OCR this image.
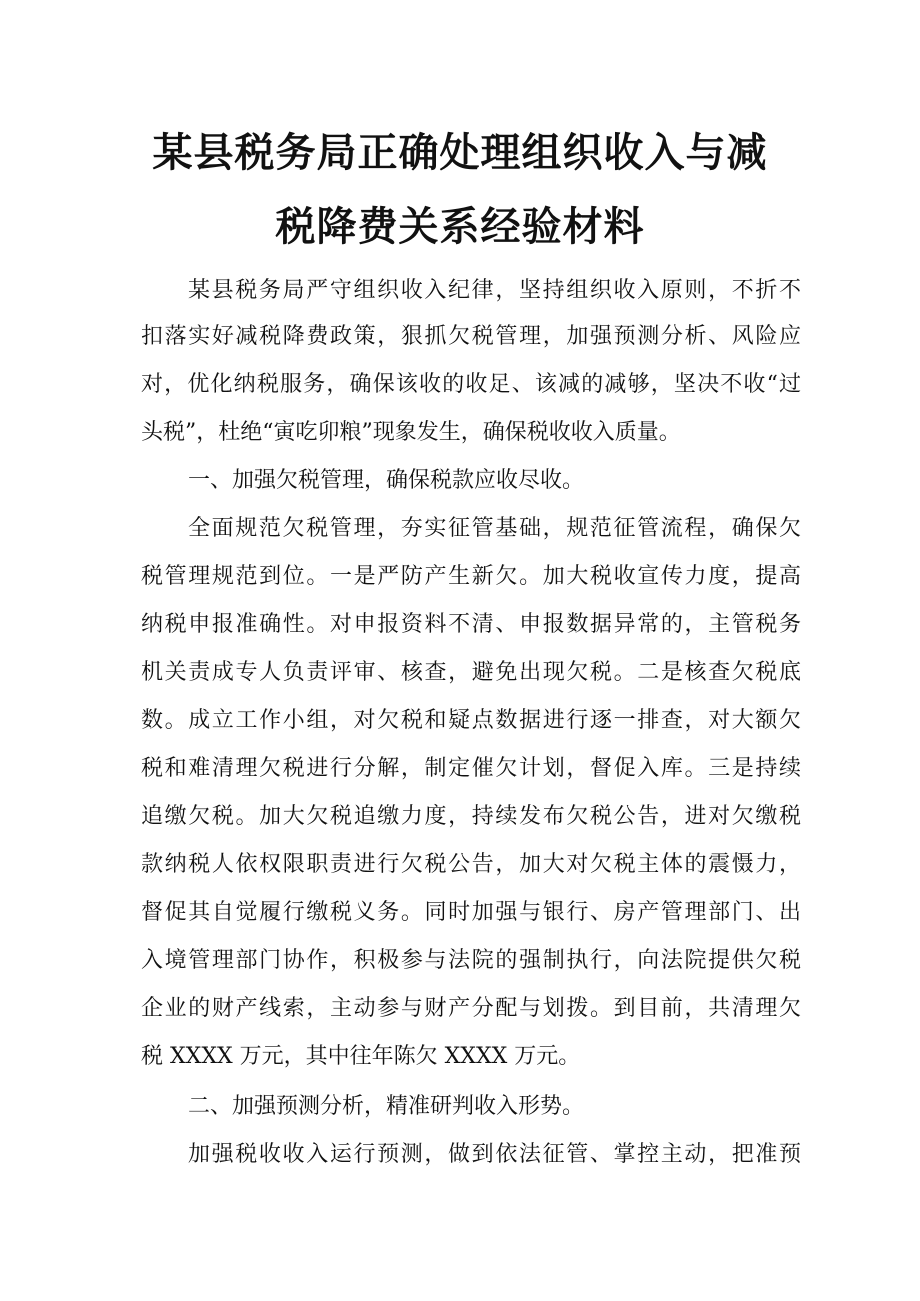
某县税务局正确处理组织收入与减
税降费关系经验材料
某县税务局严守组织收入纪律，坚持组织收入原则，不折不
扣落实好减税降费政策，狠抓欠税管理，加强预测分析、风险应
对，优化纳税服务，确保该收的收足、该减的减够，坚决不收“过
头税”，杜绝“寅吃卯粮”现象发生，确保税收收入质量。
一、加强欠税管理，确保税款应收尽收。
全面规范欠税管理，夯实征管基础，规范征管流程，确保欠
税管理规范到位。一是严防产生新欠。加大税收宣传力度，提高
纳税申报准确性。对申报资料不清、申报数据异常的，主管税务
机关责成专人负责评审、核查，避免出现欠税。二是核查欠税底
数。成立工作小组，对欠税和疑点数据进行逐一排查，对大额欠
税和难清理欠税进行分解，制定催欠计划，督促入库。三是持续
追缴欠税。加大欠税追缴力度，持续发布欠税公告，进对欠缴税
款纳税人依权限职责进行欠税公告，加大对欠税主体的震慑力，
督促其自觉履行缴税义务。同时加强与银行、房产管理部门、出
入境管理部门协作，积极参与法院的强制执行，向法院提供欠税
企业的财产线索，主动参与财产分配与划拨。到目前，共清理欠
税 XXXX 万元，其中往年陈欠 XXXX 万元。
二、加强预测分析，精准研判收入形势。
加强税收收入运行预测，做到依法征管、掌控主动，把准预
